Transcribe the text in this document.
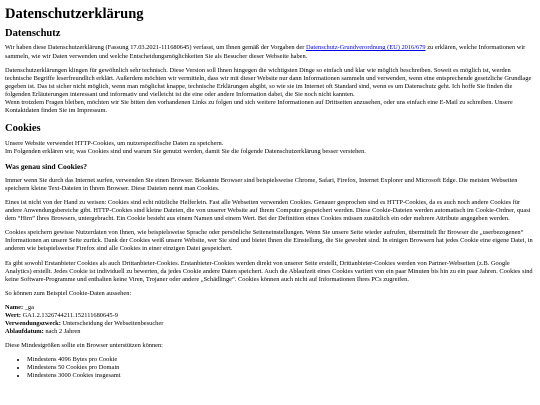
Datenschutzerklärung
Datenschutz

Wir haben diese Datenschutzerklärung (Fassung 17.03.2021-111680645) verfasst, um Ihnen gemäß der Vorgaben der Datenschutz-Grundverordnung (EU) 2016/679 zu erklären, welche Informationen wir sammeln, wie wir Daten verwenden und welche Entscheidungsmöglichkeiten Sie als Besucher dieser Webseite haben.

Datenschutzerklärungen klingen für gewöhnlich sehr technisch. Diese Version soll Ihnen hingegen die wichtigsten Dinge so einfach und klar wie möglich beschreiben. Soweit es möglich ist, werden technische Begriffe leserfreundlich erklärt. Außerdem möchten wir vermitteln, dass wir mit dieser Website nur dann Informationen sammeln und verwenden, wenn eine entsprechende gesetzliche Grundlage gegeben ist. Das ist sicher nicht möglich, wenn man möglichst knappe, technische Erklärungen abgibt, so wie sie im Internet oft Standard sind, wenn es um Datenschutz geht. Ich hoffe Sie finden die folgenden Erläuterungen interessant und informativ und vielleicht ist die eine oder andere Information dabei, die Sie noch nicht kannten.
Wenn trotzdem Fragen bleiben, möchten wir Sie bitten den vorhandenen Links zu folgen und sich weitere Informationen auf Drittseiten anzusehen, oder uns einfach eine E-Mail zu schreiben. Unsere Kontaktdaten finden Sie im Impressum.

Cookies

Unsere Website verwendet HTTP-Cookies, um nutzerspezifische Daten zu speichern.
Im Folgenden erklären wir, was Cookies sind und warum Sie genutzt werden, damit Sie die folgende Datenschutzerklärung besser verstehen.

Was genau sind Cookies?

Immer wenn Sie durch das Internet surfen, verwenden Sie einen Browser. Bekannte Browser sind beispielsweise Chrome, Safari, Firefox, Internet Explorer und Microsoft Edge. Die meisten Webseiten speichern kleine Text-Dateien in Ihrem Browser. Diese Dateien nennt man Cookies.

Eines ist nicht von der Hand zu weisen: Cookies sind echt nützliche Helferlein. Fast alle Webseiten verwenden Cookies. Genauer gesprochen sind es HTTP-Cookies, da es auch noch andere Cookies für andere Anwendungsbereiche gibt. HTTP-Cookies sind kleine Dateien, die von unserer Website auf Ihrem Computer gespeichert werden. Diese Cookie-Dateien werden automatisch im Cookie-Ordner, quasi dem “Hirn” Ihres Browsers, untergebracht. Ein Cookie besteht aus einem Namen und einem Wert. Bei der Definition eines Cookies müssen zusätzlich ein oder mehrere Attribute angegeben werden.

Cookies speichern gewisse Nutzerdaten von Ihnen, wie beispielsweise Sprache oder persönliche Seiteneinstellungen. Wenn Sie unsere Seite wieder aufrufen, übermittelt Ihr Browser die „userbezogenen“ Informationen an unsere Seite zurück. Dank der Cookies weiß unsere Website, wer Sie sind und bietet Ihnen die Einstellung, die Sie gewohnt sind. In einigen Browsern hat jedes Cookie eine eigene Datei, in anderen wie beispielsweise Firefox sind alle Cookies in einer einzigen Datei gespeichert.

Es gibt sowohl Erstanbieter Cookies als auch Drittanbieter-Cookies. Erstanbieter-Cookies werden direkt von unserer Seite erstellt, Drittanbieter-Cookies werden von Partner-Webseiten (z.B. Google Analytics) erstellt. Jedes Cookie ist individuell zu bewerten, da jedes Cookie andere Daten speichert. Auch die Ablaufzeit eines Cookies variiert von ein paar Minuten bis hin zu ein paar Jahren. Cookies sind keine Software-Programme und enthalten keine Viren, Trojaner oder andere „Schädlinge“. Cookies können auch nicht auf Informationen Ihres PCs zugreifen.

So können zum Beispiel Cookie-Daten aussehen:

Name: _ga
Wert: GA1.2.1326744211.152111680645-9
Verwendungszweck: Unterscheidung der Webseitenbesucher
Ablaufdatum: nach 2 Jahren

Diese Mindestgrößen sollte ein Browser unterstützen können:

• Mindestens 4096 Bytes pro Cookie
• Mindestens 50 Cookies pro Domain
• Mindestens 3000 Cookies insgesamt
